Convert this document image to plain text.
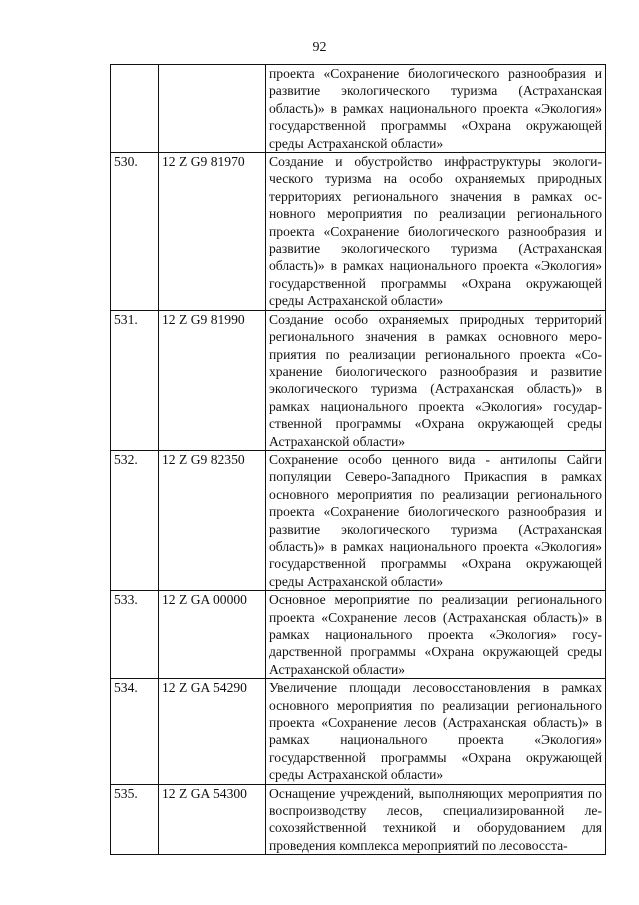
92
		проекта «Сохранение биологического разнообразия и развитие экологического туризма (Астраханская область)» в рамках национального проекта «Экология» государственной программы «Охрана окружающей среды Астраханской области»
530.	12 Z G9 81970	Создание и обустройство инфраструктуры экологического туризма на особо охраняемых природных территориях регионального значения в рамках основного мероприятия по реализации регионального проекта «Сохранение биологического разнообразия и развитие экологического туризма (Астраханская область)» в рамках национального проекта «Экология» государственной программы «Охрана окружающей среды Астраханской области»
531.	12 Z G9 81990	Создание особо охраняемых природных территорий регионального значения в рамках основного мероприятия по реализации регионального проекта «Сохранение биологического разнообразия и развитие экологического туризма (Астраханская область)» в рамках национального проекта «Экология» государственной программы «Охрана окружающей среды Астраханской области»
532.	12 Z G9 82350	Сохранение особо ценного вида - антилопы Сайги популяции Северо-Западного Прикаспия в рамках основного мероприятия по реализации регионального проекта «Сохранение биологического разнообразия и развитие экологического туризма (Астраханская область)» в рамках национального проекта «Экология» государственной программы «Охрана окружающей среды Астраханской области»
533.	12 Z GA 00000	Основное мероприятие по реализации регионального проекта «Сохранение лесов (Астраханская область)» в рамках национального проекта «Экология» государственной программы «Охрана окружающей среды Астраханской области»
534.	12 Z GA 54290	Увеличение площади лесовосстановления в рамках основного мероприятия по реализации регионального проекта «Сохранение лесов (Астраханская область)» в рамках национального проекта «Экология» государственной программы «Охрана окружающей среды Астраханской области»
535.	12 Z GA 54300	Оснащение учреждений, выполняющих мероприятия по воспроизводству лесов, специализированной лесохозяйственной техникой и оборудованием для проведения комплекса мероприятий по лесовосста-
